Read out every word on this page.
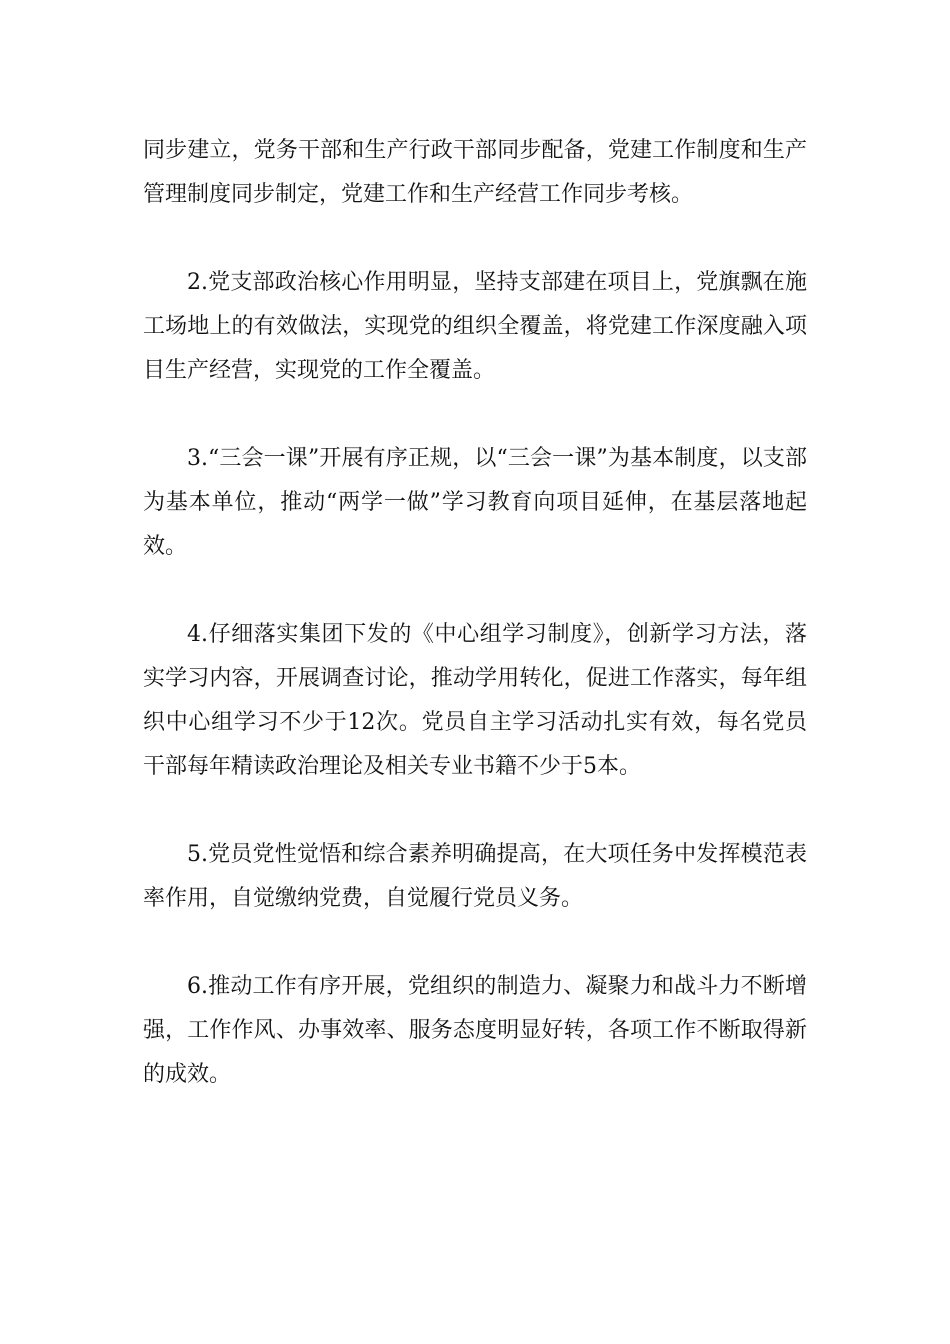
同步建立，党务干部和生产行政干部同步配备，党建工作制度和生产管理制度同步制定，党建工作和生产经营工作同步考核。

2.党支部政治核心作用明显，坚持支部建在项目上，党旗飘在施工场地上的有效做法，实现党的组织全覆盖，将党建工作深度融入项目生产经营，实现党的工作全覆盖。

3.“三会一课”开展有序正规，以“三会一课”为基本制度，以支部为基本单位，推动“两学一做”学习教育向项目延伸，在基层落地起效。

4.仔细落实集团下发的《中心组学习制度》，创新学习方法，落实学习内容，开展调查讨论，推动学用转化，促进工作落实，每年组织中心组学习不少于12次。党员自主学习活动扎实有效，每名党员干部每年精读政治理论及相关专业书籍不少于5本。

5.党员党性觉悟和综合素养明确提高，在大项任务中发挥模范表率作用，自觉缴纳党费，自觉履行党员义务。

6.推动工作有序开展，党组织的制造力、凝聚力和战斗力不断增强，工作作风、办事效率、服务态度明显好转，各项工作不断取得新的成效。
